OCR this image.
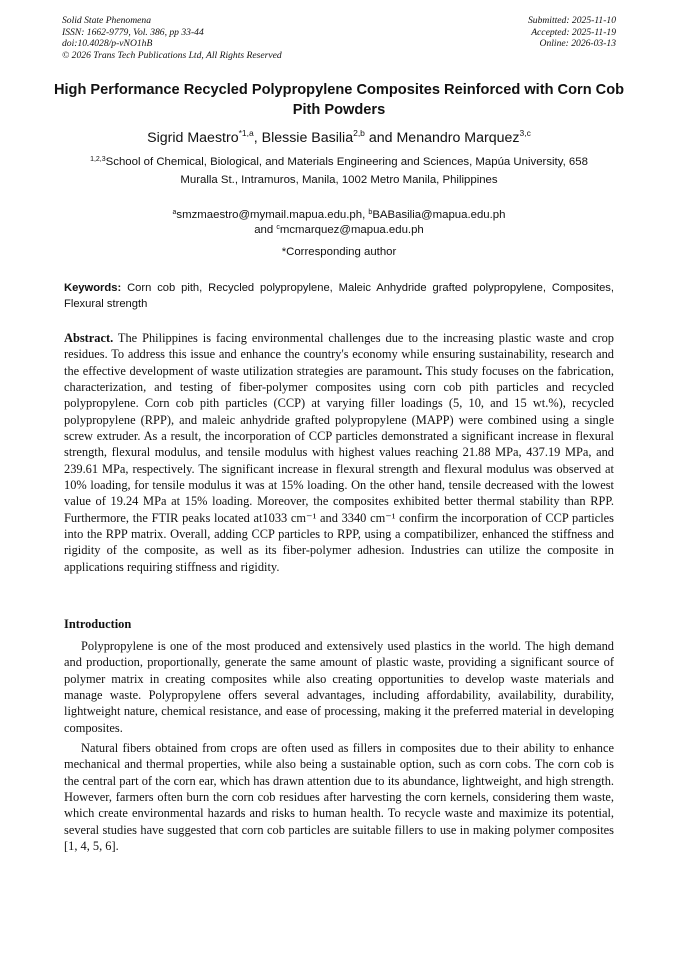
Solid State Phenomena
ISSN: 1662-9779, Vol. 386, pp 33-44
doi:10.4028/p-vNO1hB
© 2026 Trans Tech Publications Ltd, All Rights Reserved
Submitted: 2025-11-10
Accepted: 2025-11-19
Online: 2026-03-13
High Performance Recycled Polypropylene Composites Reinforced with Corn Cob Pith Powders
Sigrid Maestro$^{*1,a}$, Blessie Basilia$^{2,b}$ and Menandro Marquez$^{3,c}$
$^{1,2,3}$School of Chemical, Biological, and Materials Engineering and Sciences, Mapúa University, 658 Muralla St., Intramuros, Manila, 1002 Metro Manila, Philippines
$^a$smzmaestro@mymail.mapua.edu.ph, $^b$BABasilia@mapua.edu.ph
and $^c$mcmarquez@mapua.edu.ph
*Corresponding author
Keywords: Corn cob pith, Recycled polypropylene, Maleic Anhydride grafted polypropylene, Composites, Flexural strength
Abstract. The Philippines is facing environmental challenges due to the increasing plastic waste and crop residues. To address this issue and enhance the country's economy while ensuring sustainability, research and the effective development of waste utilization strategies are paramount. This study focuses on the fabrication, characterization, and testing of fiber-polymer composites using corn cob pith particles and recycled polypropylene. Corn cob pith particles (CCP) at varying filler loadings (5, 10, and 15 wt.%), recycled polypropylene (RPP), and maleic anhydride grafted polypropylene (MAPP) were combined using a single screw extruder. As a result, the incorporation of CCP particles demonstrated a significant increase in flexural strength, flexural modulus, and tensile modulus with highest values reaching 21.88 MPa, 437.19 MPa, and 239.61 MPa, respectively. The significant increase in flexural strength and flexural modulus was observed at 10% loading, for tensile modulus it was at 15% loading. On the other hand, tensile decreased with the lowest value of 19.24 MPa at 15% loading. Moreover, the composites exhibited better thermal stability than RPP. Furthermore, the FTIR peaks located at1033 cm⁻¹ and 3340 cm⁻¹ confirm the incorporation of CCP particles into the RPP matrix. Overall, adding CCP particles to RPP, using a compatibilizer, enhanced the stiffness and rigidity of the composite, as well as its fiber-polymer adhesion. Industries can utilize the composite in applications requiring stiffness and rigidity.
Introduction

Polypropylene is one of the most produced and extensively used plastics in the world. The high demand and production, proportionally, generate the same amount of plastic waste, providing a significant source of polymer matrix in creating composites while also creating opportunities to develop waste materials and manage waste. Polypropylene offers several advantages, including affordability, availability, durability, lightweight nature, chemical resistance, and ease of processing, making it the preferred material in developing composites.

Natural fibers obtained from crops are often used as fillers in composites due to their ability to enhance mechanical and thermal properties, while also being a sustainable option, such as corn cobs. The corn cob is the central part of the corn ear, which has drawn attention due to its abundance, lightweight, and high strength. However, farmers often burn the corn cob residues after harvesting the corn kernels, considering them waste, which create environmental hazards and risks to human health. To recycle waste and maximize its potential, several studies have suggested that corn cob particles are suitable fillers to use in making polymer composites [1, 4, 5, 6].
